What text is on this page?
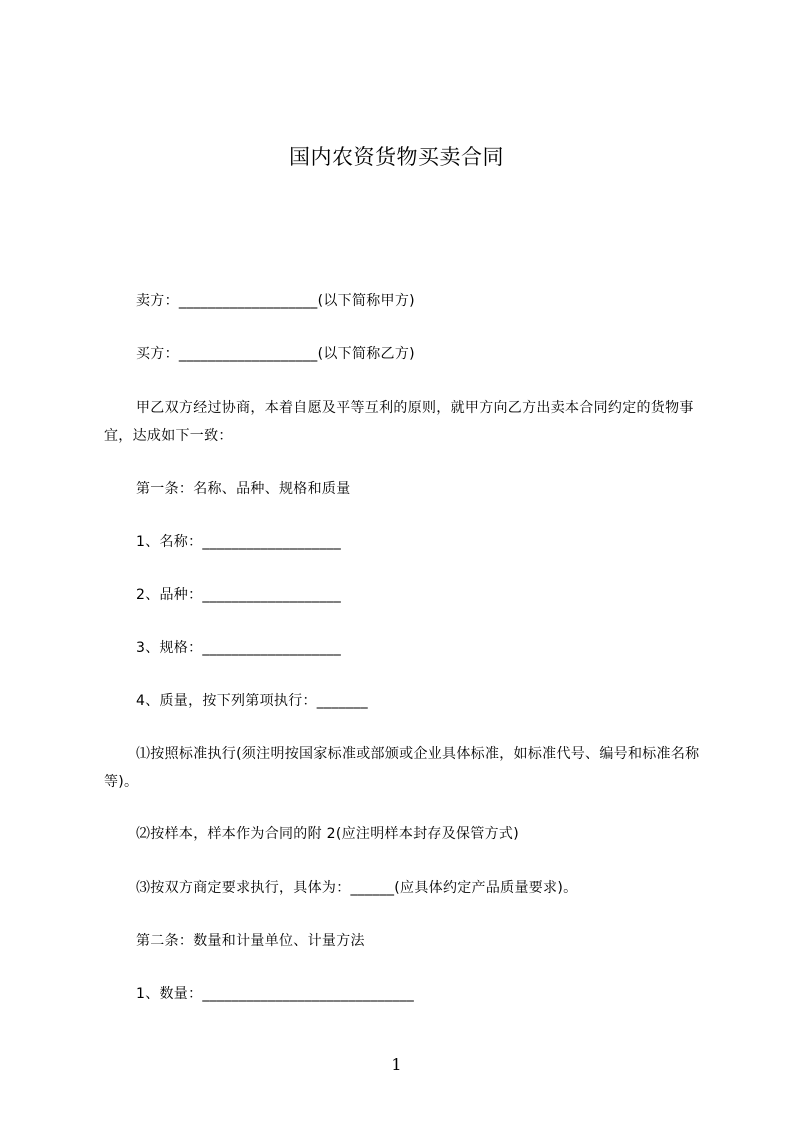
国内农资货物买卖合同
卖方：___________________(以下简称甲方)
买方：___________________(以下简称乙方)
甲乙双方经过协商，本着自愿及平等互利的原则，就甲方向乙方出卖本合同约定的货物事宜，达成如下一致：
第一条：名称、品种、规格和质量
1、名称：___________________
2、品种：___________________
3、规格：___________________
4、质量，按下列第项执行：_______
⑴按照标准执行(须注明按国家标准或部颁或企业具体标准，如标准代号、编号和标准名称等)。
⑵按样本，样本作为合同的附 2(应注明样本封存及保管方式)
⑶按双方商定要求执行，具体为：______(应具体约定产品质量要求)。
第二条：数量和计量单位、计量方法
1、数量：_____________________________
1
